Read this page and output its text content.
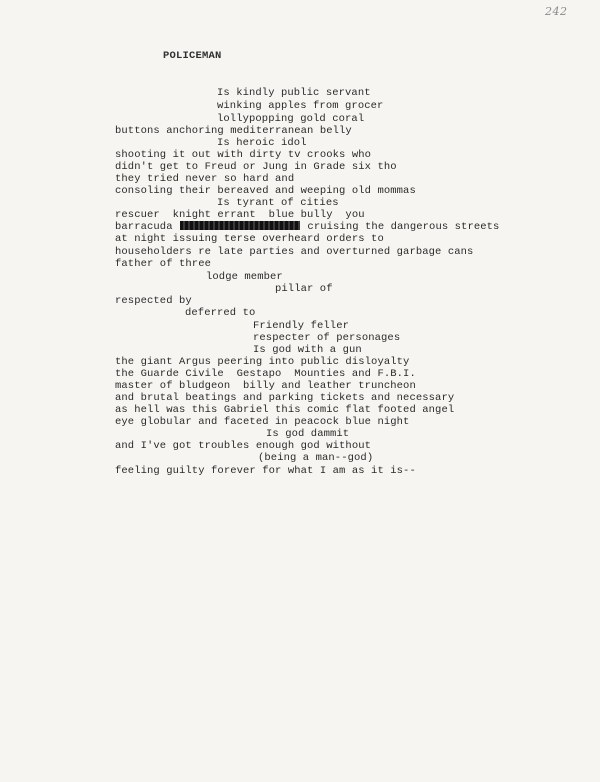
242
POLICEMAN
Is kindly public servant
winking apples from grocer
lollypopping gold coral
buttons anchoring mediterranean belly
Is heroic idol
shooting it out with dirty tv crooks who
didn't get to Freud or Jung in Grade six tho
they tried never so hard and
consoling their bereaved and weeping old mommas
Is tyrant of cities
rescuer  knight errant  blue bully  you
barracuda	cruising the dangerous streets
at night issuing terse overheard orders to
householders re late parties and overturned garbage cans
father of three
lodge member
pillar of
respected by
deferred to
Friendly feller
respecter of personages
Is god with a gun
the giant Argus peering into public disloyalty
the Guarde Civile  Gestapo  Mounties and F.B.I.
master of bludgeon  billy and leather truncheon
and brutal beatings and parking tickets and necessary
as hell was this Gabriel this comic flat footed angel
eye globular and faceted in peacock blue night
Is god dammit
and I've got troubles enough god without
(being a man--god)
feeling guilty forever for what I am as it is--
